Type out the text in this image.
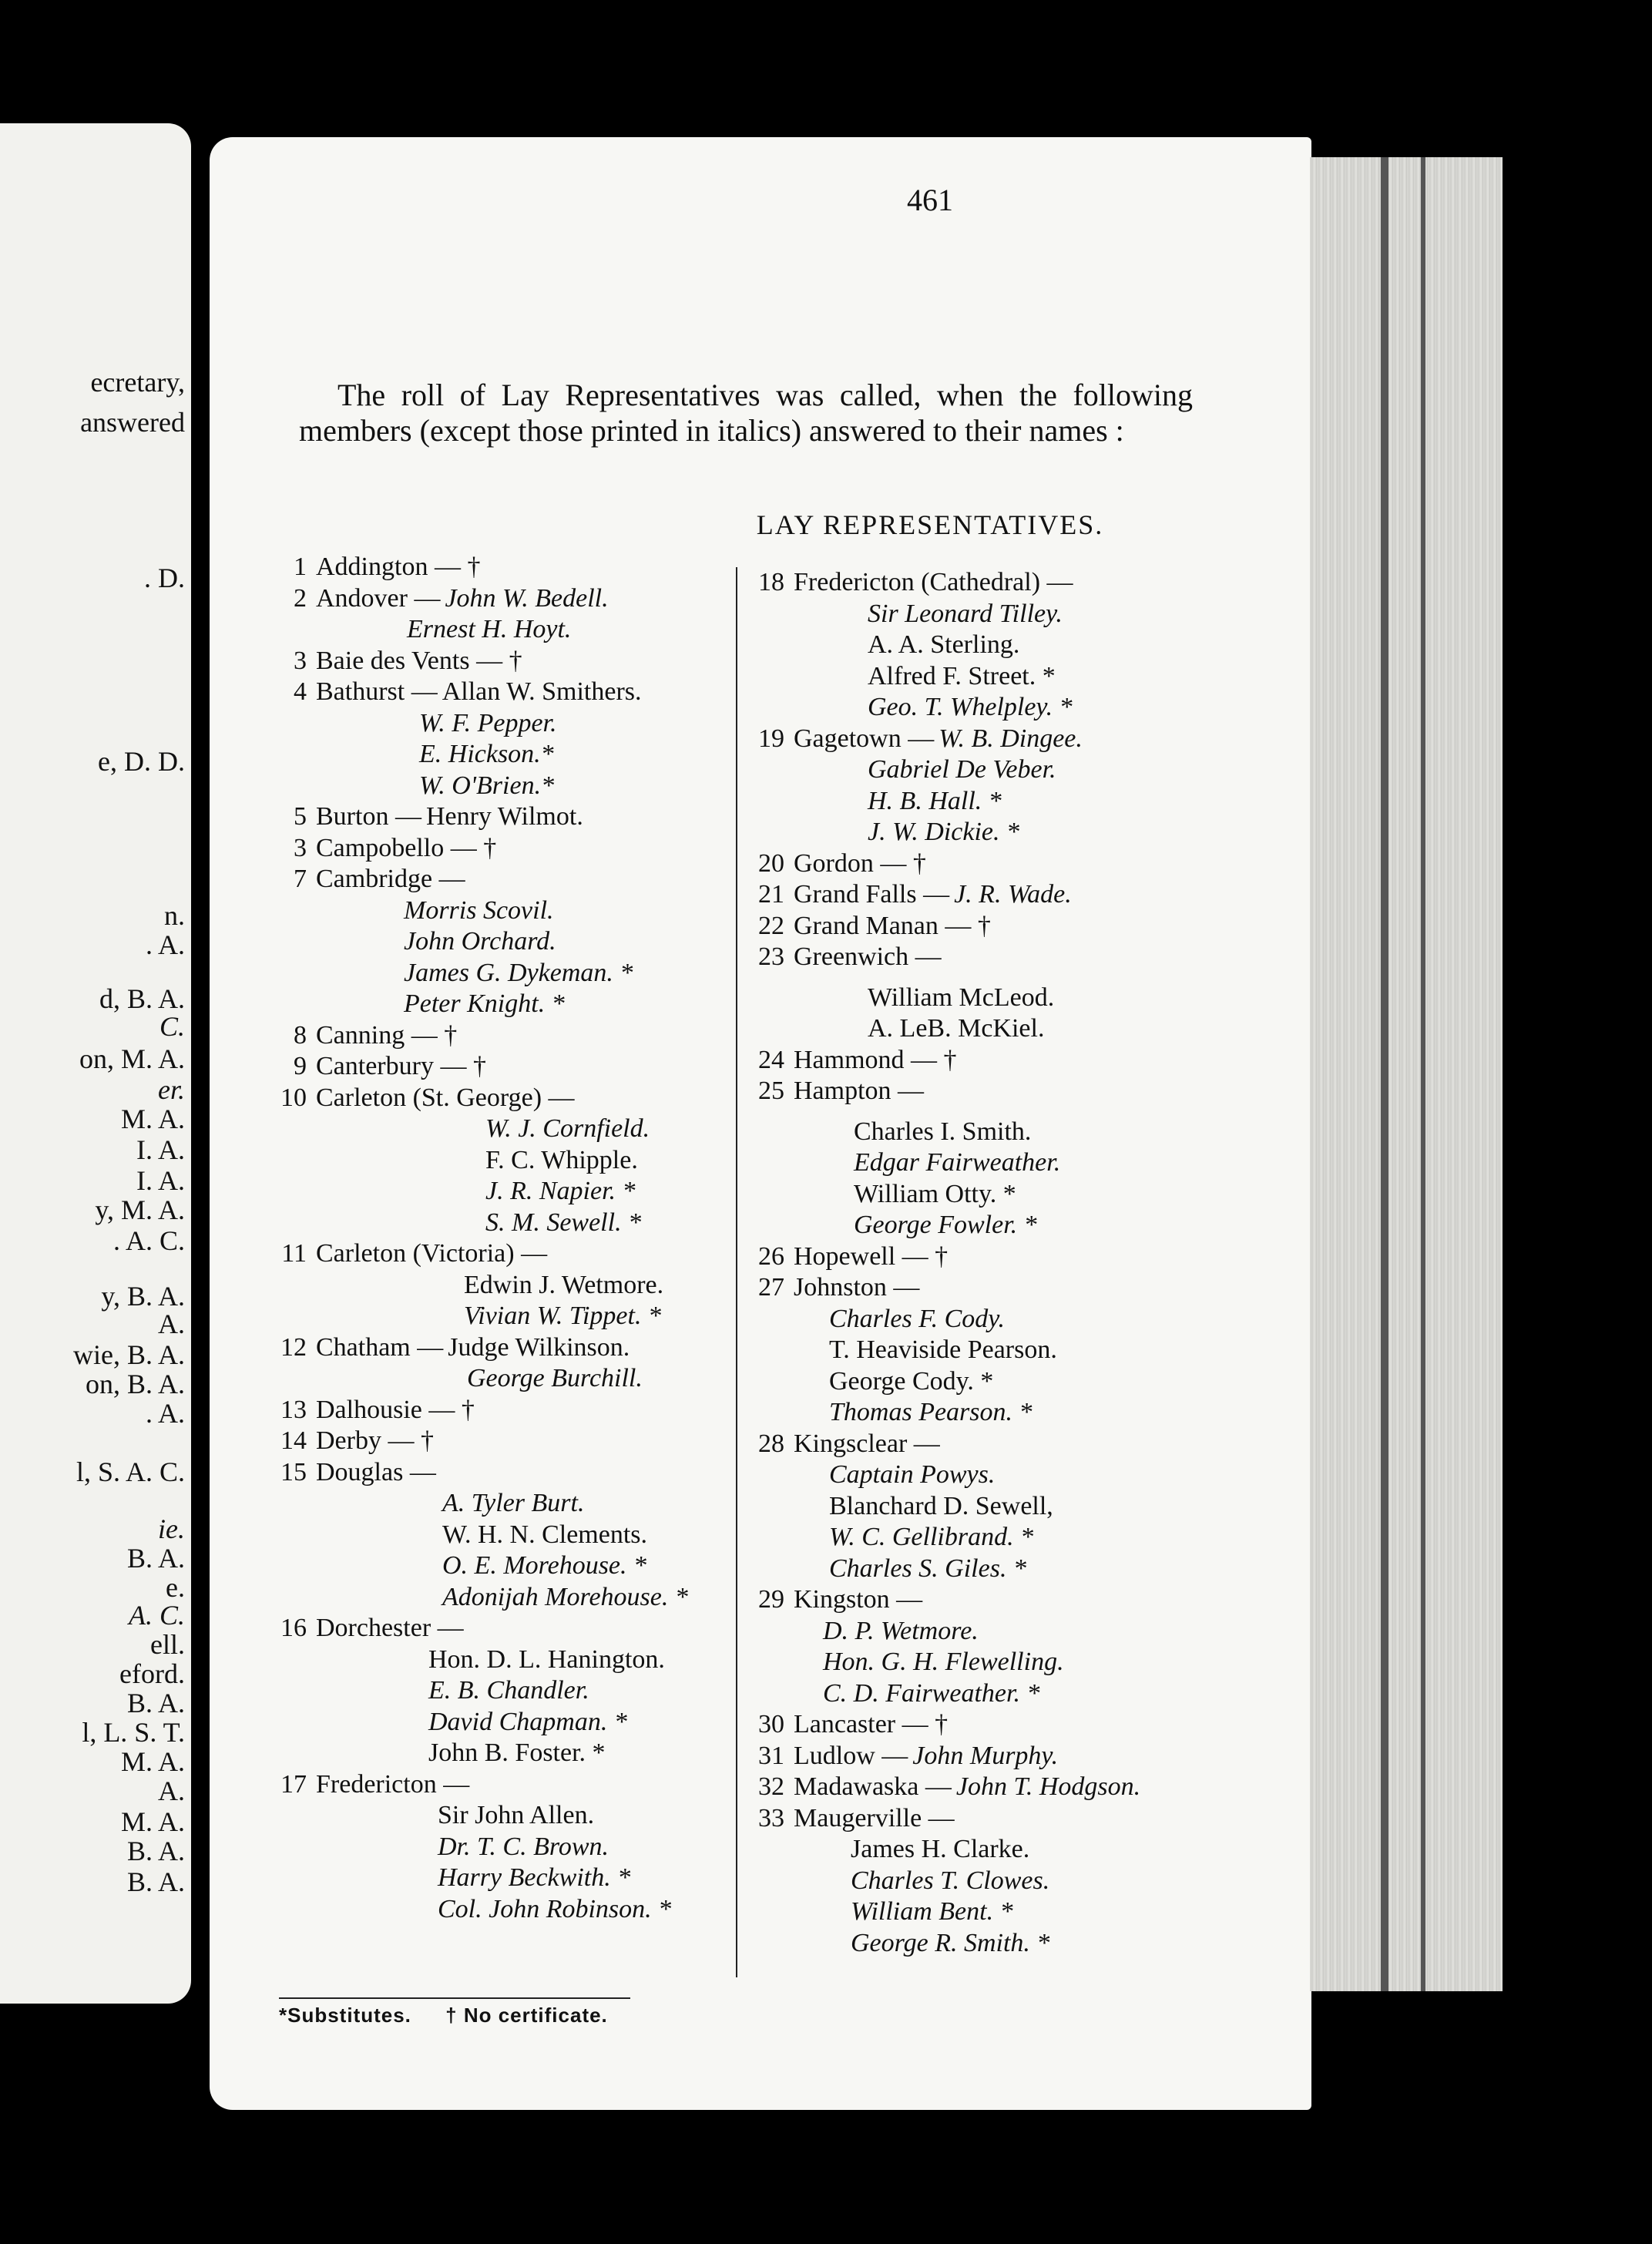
ecretary,
answered
. D.
e, D. D.
n.
. A.
d, B. A.
C.
on, M. A.
er.
M. A.
I. A.
I. A.
y, M. A.
. A. C.
y, B. A.
A.
wie, B. A.
on, B. A.
. A.
l, S. A. C.
ie.
B. A.
e.
A. C.
ell.
eford.
B. A.
l, L. S. T.
M. A.
A.
M. A.
B. A.
B. A.
461
The roll of Lay Representatives was called, when the following members (except those printed in italics) answered to their names :
LAY REPRESENTATIVES.
1 Addington — †
2 Andover — John W. Bedell.
Ernest H. Hoyt.
3 Baie des Vents — †
4 Bathurst — Allan W. Smithers.
W. F. Pepper.
E. Hickson.*
W. O'Brien.*
5 Burton — Henry Wilmot.
3 Campobello — †
7 Cambridge —
Morris Scovil.
John Orchard.
James G. Dykeman. *
Peter Knight. *
8 Canning — †
9 Canterbury — †
10 Carleton (St. George) —
W. J. Cornfield.
F. C. Whipple.
J. R. Napier. *
S. M. Sewell. *
11 Carleton (Victoria) —
Edwin J. Wetmore.
Vivian W. Tippet. *
12 Chatham — Judge Wilkinson.
George Burchill.
13 Dalhousie — †
14 Derby — †
15 Douglas —
A. Tyler Burt.
W. H. N. Clements.
O. E. Morehouse. *
Adonijah Morehouse. *
16 Dorchester —
Hon. D. L. Hanington.
E. B. Chandler.
David Chapman. *
John B. Foster. *
17 Fredericton —
Sir John Allen.
Dr. T. C. Brown.
Harry Beckwith. *
Col. John Robinson. *
18 Fredericton (Cathedral) —
Sir Leonard Tilley.
A. A. Sterling.
Alfred F. Street. *
Geo. T. Whelpley. *
19 Gagetown — W. B. Dingee.
Gabriel De Veber.
H. B. Hall. *
J. W. Dickie. *
20 Gordon — †
21 Grand Falls — J. R. Wade.
22 Grand Manan — †
23 Greenwich —
William McLeod.
A. LeB. McKiel.
24 Hammond — †
25 Hampton —
Charles I. Smith.
Edgar Fairweather.
William Otty. *
George Fowler. *
26 Hopewell — †
27 Johnston —
Charles F. Cody.
T. Heaviside Pearson.
George Cody. *
Thomas Pearson. *
28 Kingsclear —
Captain Powys.
Blanchard D. Sewell,
W. C. Gellibrand. *
Charles S. Giles. *
29 Kingston —
D. P. Wetmore.
Hon. G. H. Flewelling.
C. D. Fairweather. *
30 Lancaster — †
31 Ludlow — John Murphy.
32 Madawaska — John T. Hodgson.
33 Maugerville —
James H. Clarke.
Charles T. Clowes.
William Bent. *
George R. Smith. *
*Substitutes. † No certificate.
